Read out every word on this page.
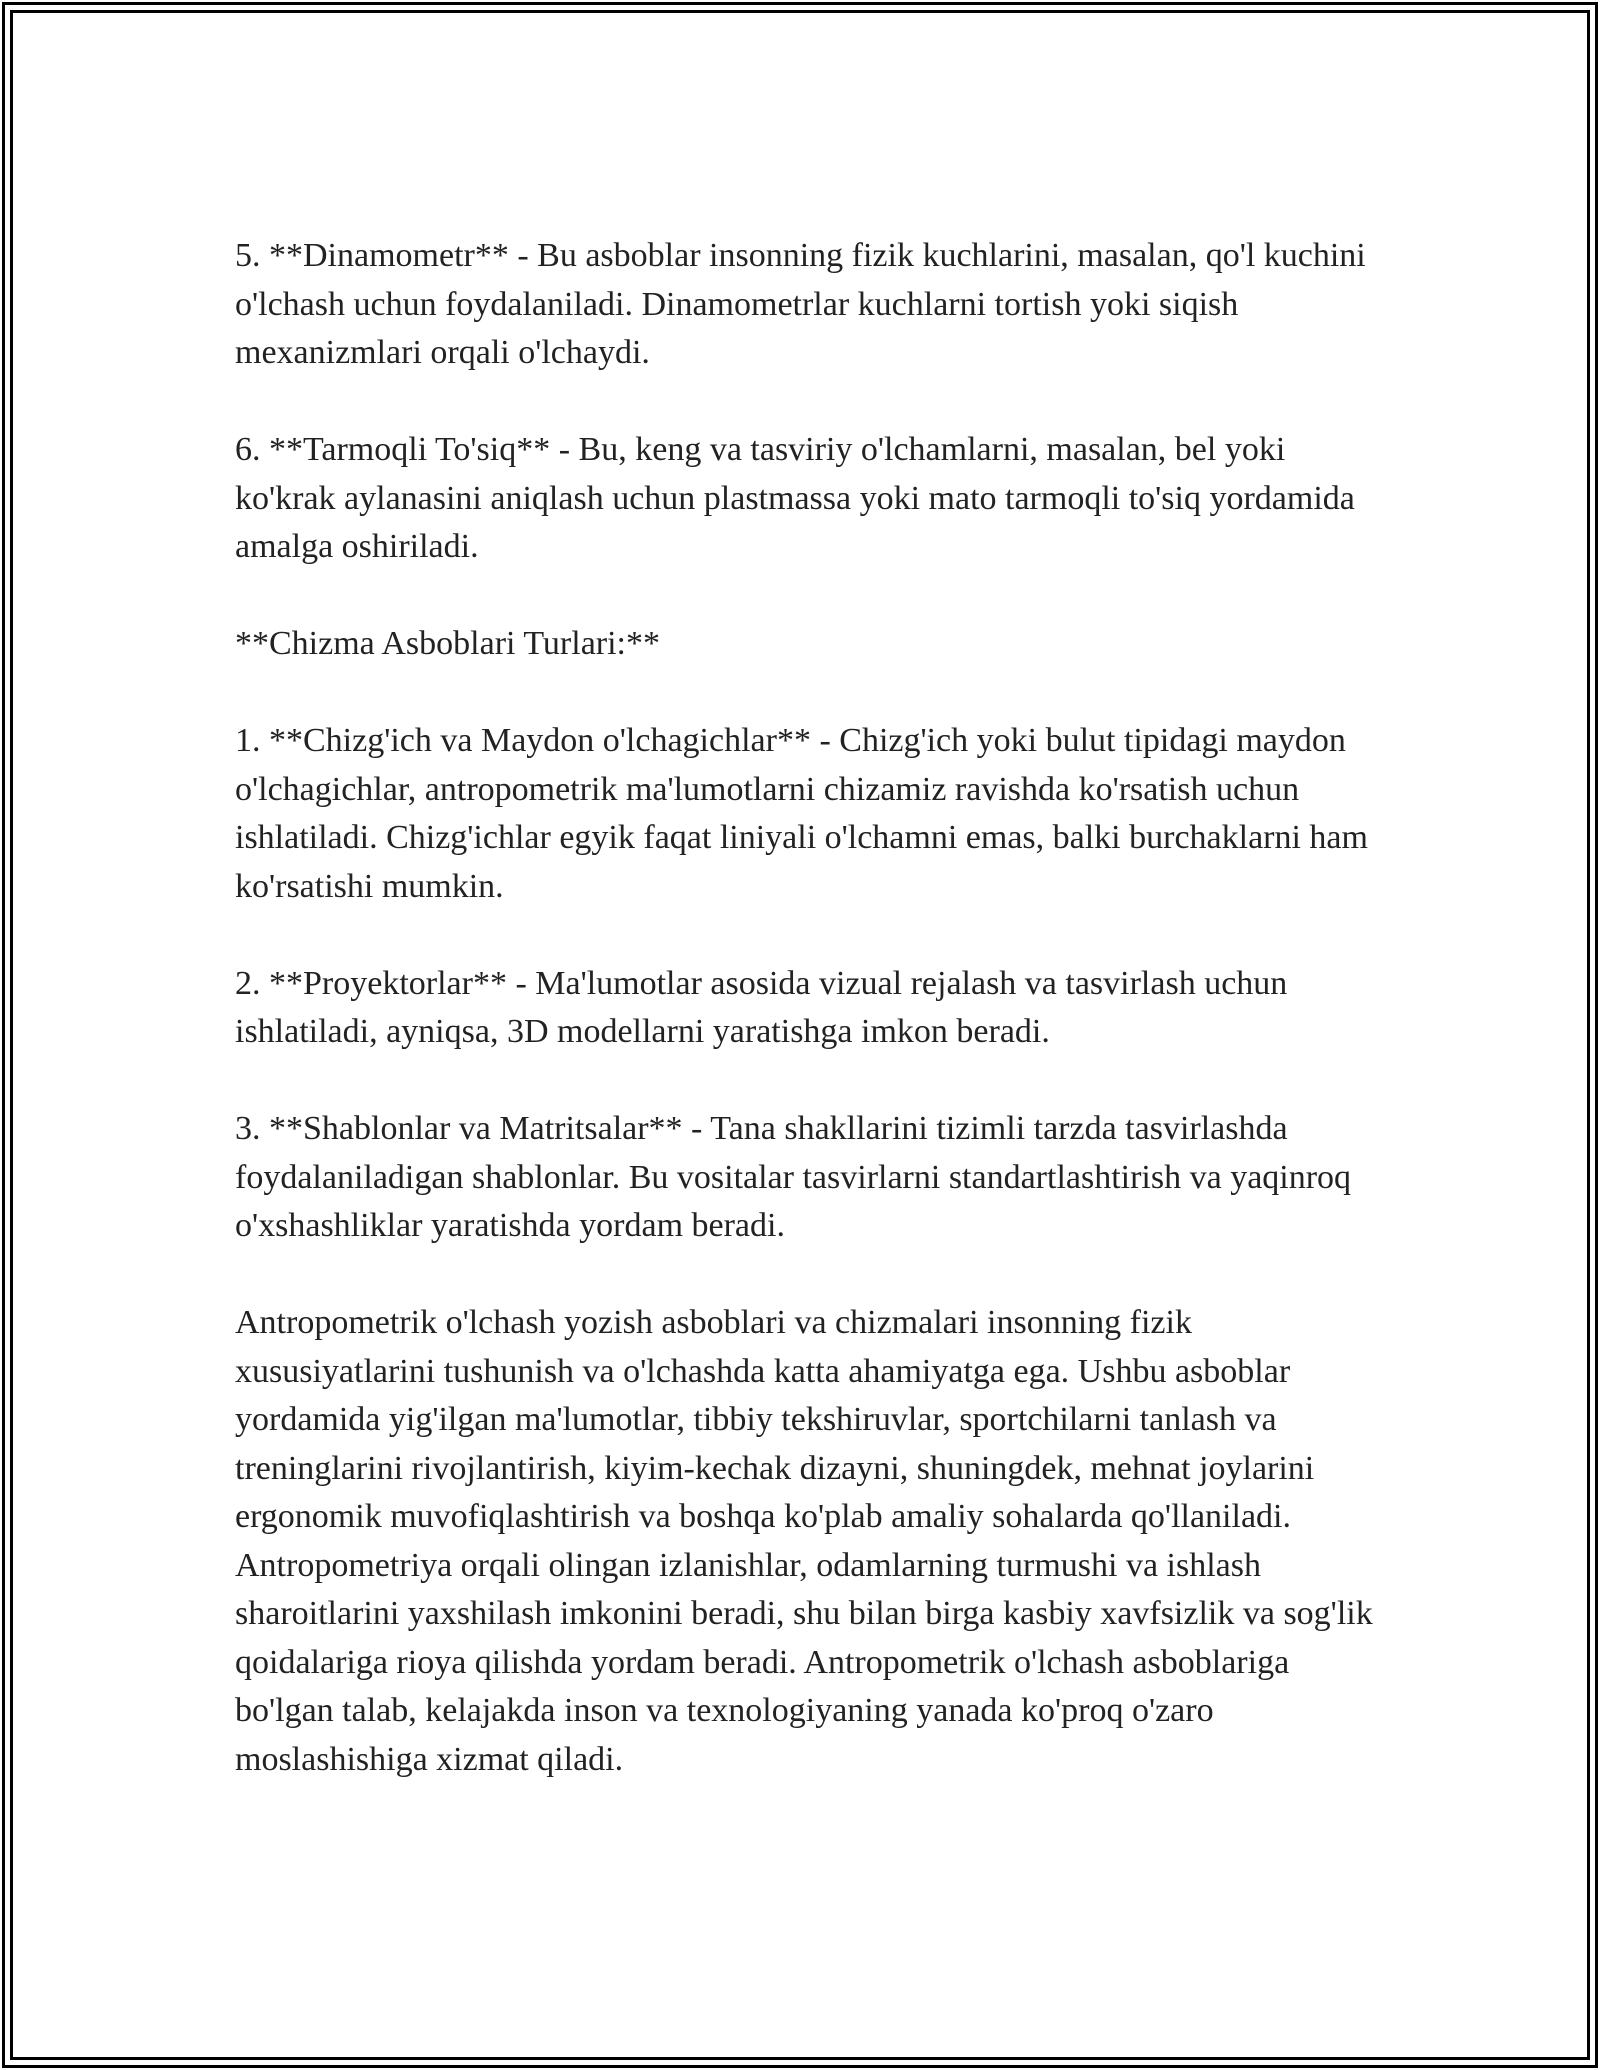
5. **Dinamometr** - Bu asboblar insonning fizik kuchlarini, masalan, qo'l kuchini o'lchash uchun foydalaniladi. Dinamometrlar kuchlarni tortish yoki siqish mexanizmlari orqali o'lchaydi.

6. **Tarmoqli To'siq** - Bu, keng va tasviriy o'lchamlarni, masalan, bel yoki ko'krak aylanasini aniqlash uchun plastmassa yoki mato tarmoqli to'siq yordamida amalga oshiriladi.

**Chizma Asboblari Turlari:**

1. **Chizg'ich va Maydon o'lchagichlar** - Chizg'ich yoki bulut tipidagi maydon o'lchagichlar, antropometrik ma'lumotlarni chizamiz ravishda ko'rsatish uchun ishlatiladi. Chizg'ichlar egyik faqat liniyali o'lchamni emas, balki burchaklarni ham ko'rsatishi mumkin.

2. **Proyektorlar** - Ma'lumotlar asosida vizual rejalash va tasvirlash uchun ishlatiladi, ayniqsa, 3D modellarni yaratishga imkon beradi.

3. **Shablonlar va Matritsalar** - Tana shakllarini tizimli tarzda tasvirlashda foydalaniladigan shablonlar. Bu vositalar tasvirlarni standartlashtirish va yaqinroq o'xshashliklar yaratishda yordam beradi.

Antropometrik o'lchash yozish asboblari va chizmalari insonning fizik xususiyatlarini tushunish va o'lchashda katta ahamiyatga ega. Ushbu asboblar yordamida yig'ilgan ma'lumotlar, tibbiy tekshiruvlar, sportchilarni tanlash va treninglarini rivojlantirish, kiyim-kechak dizayni, shuningdek, mehnat joylarini ergonomik muvofiqlashtirish va boshqa ko'plab amaliy sohalarda qo'llaniladi. Antropometriya orqali olingan izlanishlar, odamlarning turmushi va ishlash sharoitlarini yaxshilash imkonini beradi, shu bilan birga kasbiy xavfsizlik va sog'lik qoidalariga rioya qilishda yordam beradi. Antropometrik o'lchash asboblariga bo'lgan talab, kelajakda inson va texnologiyaning yanada ko'proq o'zaro moslashishiga xizmat qiladi.
